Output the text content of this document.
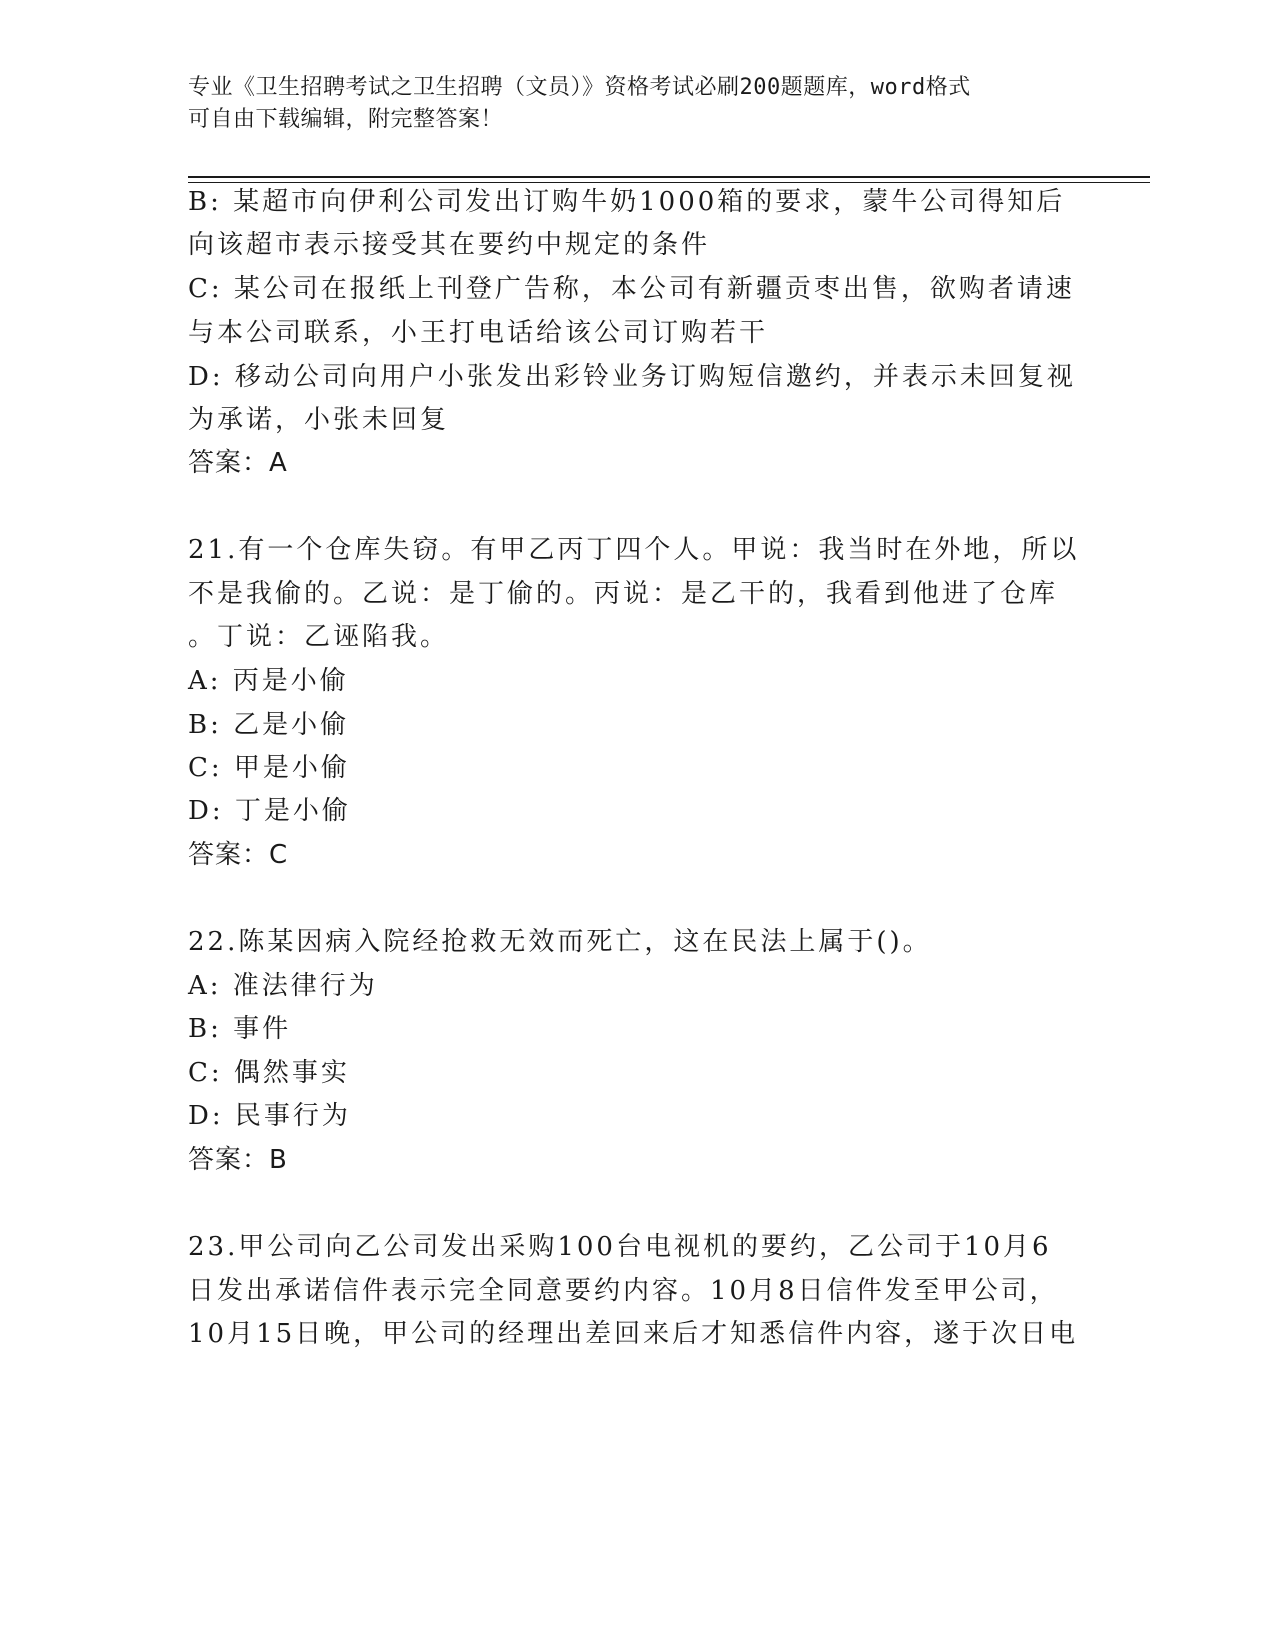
专业《卫生招聘考试之卫生招聘（文员）》资格考试必刷200题题库，word格式
可自由下载编辑，附完整答案！
B: 某超市向伊利公司发出订购牛奶1000箱的要求，蒙牛公司得知后
向该超市表示接受其在要约中规定的条件
C: 某公司在报纸上刊登广告称，本公司有新疆贡枣出售，欲购者请速
与本公司联系，小王打电话给该公司订购若干
D: 移动公司向用户小张发出彩铃业务订购短信邀约，并表示未回复视
为承诺，小张未回复
答案：A
21.有一个仓库失窃。有甲乙丙丁四个人。甲说：我当时在外地，所以
不是我偷的。乙说：是丁偷的。丙说：是乙干的，我看到他进了仓库
。丁说：乙诬陷我。
A: 丙是小偷
B: 乙是小偷
C: 甲是小偷
D: 丁是小偷
答案：C
22.陈某因病入院经抢救无效而死亡，这在民法上属于()。
A: 准法律行为
B: 事件
C: 偶然事实
D: 民事行为
答案：B
23.甲公司向乙公司发出采购100台电视机的要约，乙公司于10月6
日发出承诺信件表示完全同意要约内容。10月8日信件发至甲公司，
10月15日晚，甲公司的经理出差回来后才知悉信件内容，遂于次日电
